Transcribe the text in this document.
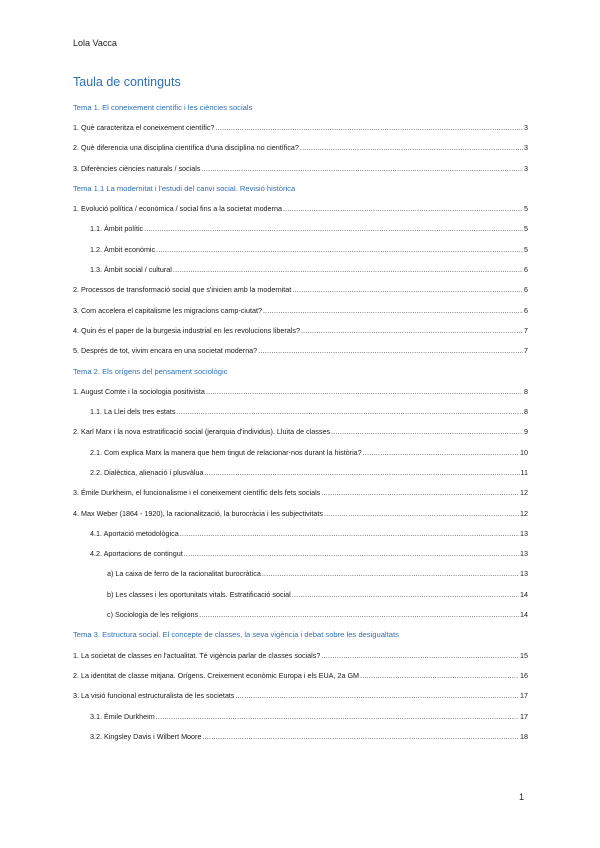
Lola Vacca
Taula de continguts
Tema 1. El coneixement científic i les ciències socials
1. Què caracteritza el coneixement científic? .....	3
2. Què diferencia una disciplina científica d'una disciplina no científica? .....	3
3. Diferències ciències naturals / socials .....	3
Tema 1.1 La modernitat i l'estudi del canvi social. Revisió històrica
1. Evolució política / econòmica / social fins a la societat moderna .....	5
1.1. Àmbit polític .....	5
1.2. Àmbit econòmic .....	5
1.3. Àmbit social / cultural .....	6
2. Processos de transformació social que s'inicien amb la modernitat .....	6
3. Com accelera el capitalisme les migracions camp-ciutat? .....	6
4. Quin és el paper de la burgesia industrial en les revolucions liberals? .....	7
5. Després de tot, vivim encara en una societat moderna? .....	7
Tema 2. Els orígens del pensament sociològic
1. August Comte i la sociologia positivista .....	8
1.1. La Llei dels tres estats .....	8
2. Karl Marx i la nova estratificació social (jerarquia d'individus). Lluita de classes .....	9
2.1. Com explica Marx la manera que hem tingut de relacionar-nos durant la història? .....	10
2.2. Dialèctica, alienació i plusvàlua .....	11
3. Émile Durkheim, el funcionalisme i el coneixement científic dels fets socials .....	12
4. Max Weber (1864 - 1920), la racionalització, la burocràcia i les subjectivitats .....	12
4.1. Aportació metodològica .....	13
4.2. Aportacions de contingut .....	13
a) La caixa de ferro de la racionalitat burocràtica .....	13
b) Les classes i les oportunitats vitals. Estratificació social .....	14
c) Sociologia de les religions .....	14
Tema 3. Estructura social. El concepte de classes, la seva vigència i debat sobre les desigualtats
1. La societat de classes en l'actualitat. Té vigència parlar de classes socials? .....	15
2. La identitat de classe mitjana. Orígens. Creixement econòmic Europa i els EUA, 2a GM .....	16
3. La visió funcional estructuralista de les societats .....	17
3.1. Émile Durkheim .....	17
3.2. Kingsley Davis i Wilbert Moore .....	18
1
